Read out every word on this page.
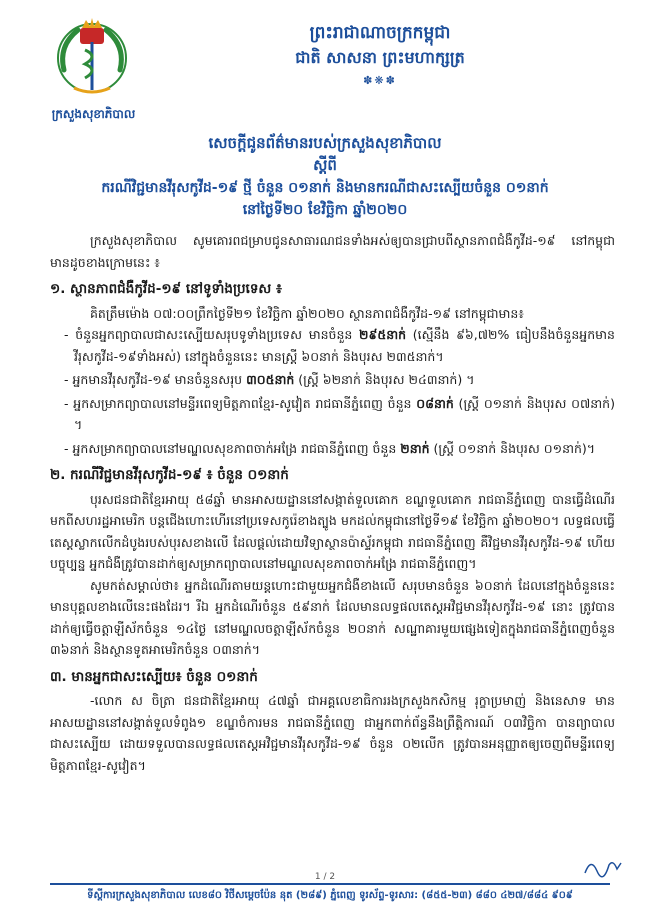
ក្រសួងសុខាភិបាល
ព្រះរាជាណាចក្រកម្ពុជា
ជាតិ សាសនា ព្រះមហាក្សត្រ
✽❋✽
សេចក្តីជូនព័ត៌មានរបស់ក្រសួងសុខាភិបាល
ស្តីពី
ករណីវិជ្ជមានវីរុសកូវីដ-១៩ ថ្មី ចំនួន ០១នាក់ និងមានករណីជាសះស្បើយចំនួន ០១នាក់
នៅថ្ងៃទី២០ ខែវិច្ឆិកា ឆ្នាំ២០២០

ក្រសួងសុខាភិបាល សូមគោរពជម្រាបជូនសាធារណជនទាំងអស់ឲ្យបានជ្រាបពីស្ថានភាពជំងឺកូវីដ-១៩ នៅកម្ពុជា មានដូចខាងក្រោមនេះ ៖

១. ស្ថានភាពជំងឺកូវីដ-១៩ នៅទូទាំងប្រទេស ៖

គិតត្រឹមម៉ោង ០៧:០០ព្រឹកថ្ងៃទី២១ ខែវិច្ឆិកា ឆ្នាំ២០២០ ស្ថានភាពជំងឺកូវីដ-១៩ នៅកម្ពុជាមាន៖

- ចំនួនអ្នកព្យាបាលជាសះស្បើយសរុបទូទាំងប្រទេស មានចំនួន ២៩៥នាក់ (ស្មើនឹង ៩៦,៧២% ធៀបនឹងចំនួនអ្នកមានវីរុសកូវីដ-១៩ទាំងអស់) នៅក្នុងចំនួននេះ មានស្ត្រី ៦០នាក់ និងបុរស ២៣៥នាក់។

- អ្នកមានវីរុសកូវីដ-១៩ មានចំនួនសរុប ៣០៥នាក់ (ស្ត្រី ៦២នាក់ និងបុរស ២៤៣នាក់) ។

- អ្នកសម្រាកព្យាបាលនៅមន្ទីរពេទ្យមិត្តភាពខ្មែរ-សូវៀត រាជធានីភ្នំពេញ ចំនួន ០៨នាក់ (ស្ត្រី ០១នាក់ និងបុរស ០៧នាក់) ។

- អ្នកសម្រាកព្យាបាលនៅមណ្ឌលសុខភាពចាក់អង្រែ រាជធានីភ្នំពេញ ចំនួន ២នាក់ (ស្ត្រី ០១នាក់ និងបុរស ០១នាក់)។

២. ករណីវិជ្ជមានវីរុសកូវីដ-១៩ ៖ ចំនួន ០១នាក់

បុរសជនជាតិខ្មែរអាយុ ៥៨ឆ្នាំ មានអាសយដ្ឋាននៅសង្កាត់ទួលគោក ខណ្ឌទួលគោក រាជធានីភ្នំពេញ បានធ្វើដំណើរមកពីសហរដ្ឋអាមេរិក បន្តជើងហោះហើរនៅប្រទេសកូរ៉េខាងត្បូង មកដល់កម្ពុជានៅថ្ងៃទី១៩ ខែវិច្ឆិកា ឆ្នាំ២០២០។ លទ្ធផលធ្វើតេស្តស្លាកលើកដំបូងរបស់បុរសខាងលើ ដែលផ្តល់ដោយវិទ្យាស្ថានប៉ាស្ទ័រកម្ពុជា រាជធានីភ្នំពេញ គឺវិជ្ជមានវីរុសកូវីដ-១៩ ហើយបច្ចុប្បន្ន អ្នកជំងឺត្រូវបានដាក់ឲ្យសម្រាកព្យាបាលនៅមណ្ឌលសុខភាពចាក់អង្រែ រាជធានីភ្នំពេញ។

សូមកត់សម្គាល់ថា៖ អ្នកដំណើរតាមយន្តហោះជាមួយអ្នកជំងឺខាងលើ សរុបមានចំនួន ៦០នាក់ ដែលនៅក្នុងចំនួននេះ មានបុគ្គលខាងលើនេះផងដែរ។ រីឯ អ្នកដំណើរចំនួន ៥៩នាក់ ដែលមានលទ្ធផលតេស្តអវិជ្ជមានវីរុសកូវីដ-១៩ នោះ ត្រូវបានដាក់ឲ្យធ្វើចត្តាឡីស័កចំនួន ១៤ថ្ងៃ នៅមណ្ឌលចត្តាឡីស័កចំនួន ២០នាក់ សណ្ឋាគារមួយផ្សេងទៀតក្នុងរាជធានីភ្នំពេញចំនួន ៣៦នាក់ និងស្ថានទូតអាមេរិកចំនួន ០៣នាក់។

៣. មានអ្នកជាសះស្បើយ៖ ចំនួន ០១នាក់

-លោក ស ចិត្រា ជនជាតិខ្មែរអាយុ ៤៧ឆ្នាំ ជាអគ្គលេខាធិការរងក្រសួងកសិកម្ម រុក្ខាប្រមាញ់ និងនេសាទ មានអាសយដ្ឋាននៅសង្កាត់ទួលទំពូង១ ខណ្ឌចំការមន រាជធានីភ្នំពេញ ជាអ្នកពាក់ព័ន្ធនឹងព្រឹត្តិការណ៍ ០៣វិច្ឆិកា បានព្យាបាលជាសះស្បើយ ដោយទទួលបានលទ្ធផលតេស្តអវិជ្ជមានវីរុសកូវីដ-១៩ ចំនួន ០២លើក ត្រូវបានអនុញ្ញាតឲ្យចេញពីមន្ទីរពេទ្យមិត្តភាពខ្មែរ-សូវៀត។

1 / 2
ទីស្តីការក្រសួងសុខាភិបាល លេខ៨០ វិថីសម្តេចប៉ែន នុត (២៨៩) ភ្នំពេញ ទូរស័ព្ទ-ទូរសារ: (៨៥៥-២៣) ៨៨០ ៤២៧/៨៨៤ ៩០៩
